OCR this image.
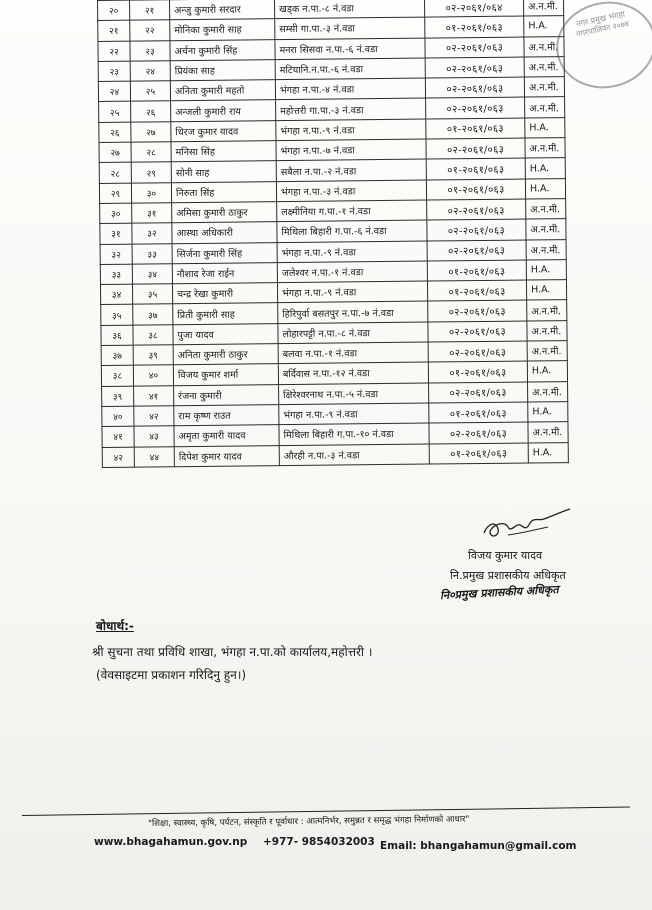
२०	२१	अन्जु कुमारी सरदार	खड्क न.पा.-८ नं.वडा	०२-२०६१/०६४	अ.न.मी.
२१	२२	मोनिका कुमारी साह	सम्सी गा.पा.-३ नं.वडा	०१-२०६१/०६३	H.A.
२२	२३	अर्चना कुमारी सिंह	मनरा सिसवा न.पा.-६ नं.वडा	०२-२०६१/०६३	अ.न.मी.
२३	२४	प्रियंका साह	मटियानि.न.पा.-६ नं.वडा	०२-२०६१/०६३	अ.न.मी.
२४	२५	अनिता कुमारी महतो	भंगहा न.पा.-४ नं.वडा	०२-२०६१/०६३	अ.न.मी.
२५	२६	अन्जली कुमारी राय	महोत्तरी गा.पा.-३ नं.वडा	०२-२०६१/०६३	अ.न.मी.
२६	२७	धिरज कुमार यादव	भंगहा न.पा.-९ नं.वडा	०१-२०६१/०६३	H.A.
२७	२८	मनिसा सिंह	भंगहा न.पा.-७ नं.वडा	०२-२०६१/०६३	अ.न.मी.
२८	२९	सोनी साह	सबैला न.पा.-२ नं.वडा	०१-२०६१/०६३	H.A.
२९	३०	निरुता सिंह	भंगहा न.पा.-३ नं.वडा	०१-२०६१/०६३	H.A.
३०	३१	अमिसा कुमारी ठाकुर	लक्ष्मीनिया ग.पा.-१ नं.वडा	०२-२०६१/०६३	अ.न.मी.
३१	३२	आस्था अधिकारी	मिथिला बिहारी ग.पा.-६ नं.वडा	०२-२०६१/०६३	अ.न.मी.
३२	३३	सिर्जना कुमारी सिंह	भंगहा न.पा.-९ नं.वडा	०२-२०६१/०६३	अ.न.मी.
३३	३४	नौशाद रेजा राईन	जलेश्वर न.पा.-१ नं.वडा	०१-२०६१/०६३	H.A.
३४	३५	चन्द्र रेखा कुमारी	भंगहा न.पा.-९ नं.वडा	०१-२०६१/०६३	H.A.
३५	३७	प्रिती कुमारी साह	हिरिपुर्वा बसतपुर न.पा.-७ नं.वडा	०२-२०६१/०६३	अ.न.मी.
३६	३८	पुजा यादव	लोहारपट्टी न.पा.-८ नं.वडा	०२-२०६१/०६३	अ.न.मी.
३७	३९	अनिता कुमारी ठाकुर	बलवा न.पा.-१ नं.वडा	०२-२०६१/०६३	अ.न.मी.
३८	४०	विजय कुमार शर्मा	बर्दिवास न.पा.-१२ नं.वडा	०१-२०६१/०६३	H.A.
३९	४१	रंजना कुमारी	क्षिरेश्वरनाथ न.पा.-५ नं.वडा	०२-२०६१/०६३	अ.न.मी.
४०	४२	राम कृष्ण राउत	भंगहा न.पा.-९ नं.वडा	०१-२०६१/०६३	H.A.
४१	४३	अमृता कुमारी यादव	मिथिला बिहारी ग.पा.-१० नं.वडा	०२-२०६१/०६३	अ.न.मी.
४२	४४	दिपेश कुमार यादव	औरही न.पा.-३ नं.वडा	०१-२०६१/०६३	H.A.
नगर प्रमुख भंगहा नगरपालिका २०७४
विजय कुमार यादव
नि.प्रमुख प्रशासकीय अधिकृत
नि०प्रमुख प्रशासकीय अधिकृत
बोधार्थ:-
श्री सुचना तथा प्रविधि शाखा, भंगहा न.पा.को कार्यालय,महोत्तरी ।
(वेवसाइटमा प्रकाशन गरिदिनु हुन।)
"शिक्षा, स्वास्थ्य, कृषि, पर्यटन, संस्कृति र पूर्वाधार : आत्मनिर्भर, समुन्नत र समृद्ध भंगहा निर्माणको आधार"
www.bhagahamun.gov.np +977- 9854032003 Email: bhangahamun@gmail.com
